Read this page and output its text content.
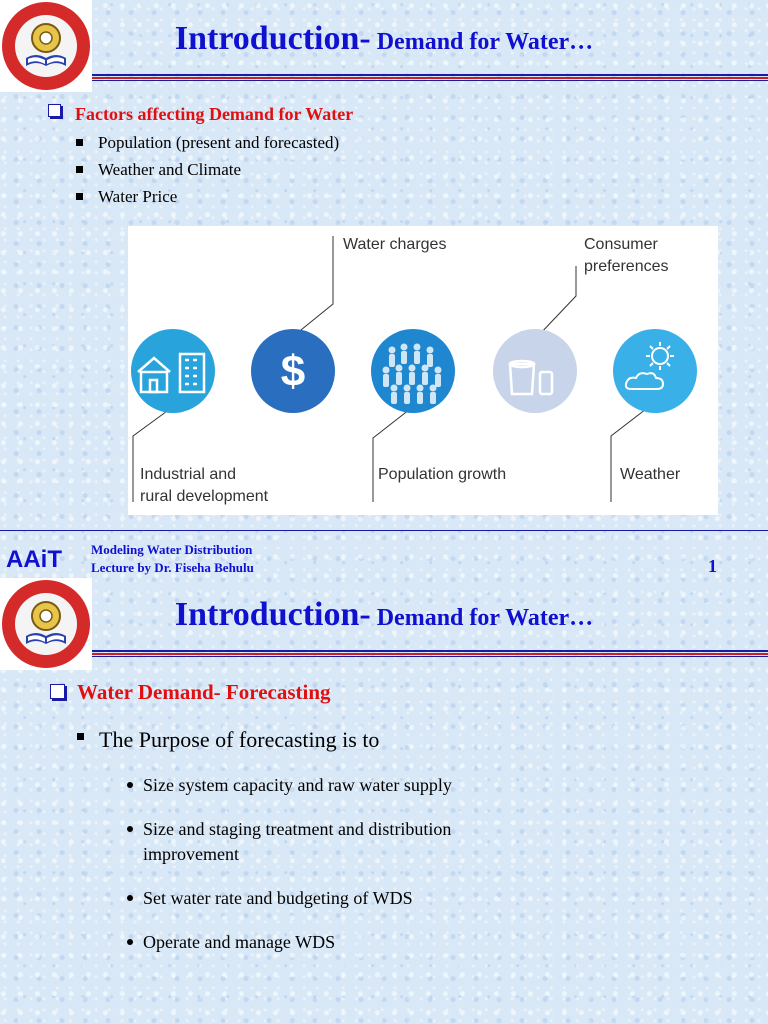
Introduction- Demand for Water…
Factors affecting Demand for Water
Population (present and forecasted)
Weather and Climate
Water Price
$
Water charges	Consumer
preferences
Industrial and
rural development
Population growth	Weather
AAiT Modeling Water Distribution
Lecture by Dr. Fiseha Behulu	1
Introduction- Demand for Water…
Water Demand- Forecasting
The Purpose of forecasting is to
Size system capacity and raw water supply
Size and staging treatment and distribution
improvement
Set water rate and budgeting of WDS
Operate and manage WDS
